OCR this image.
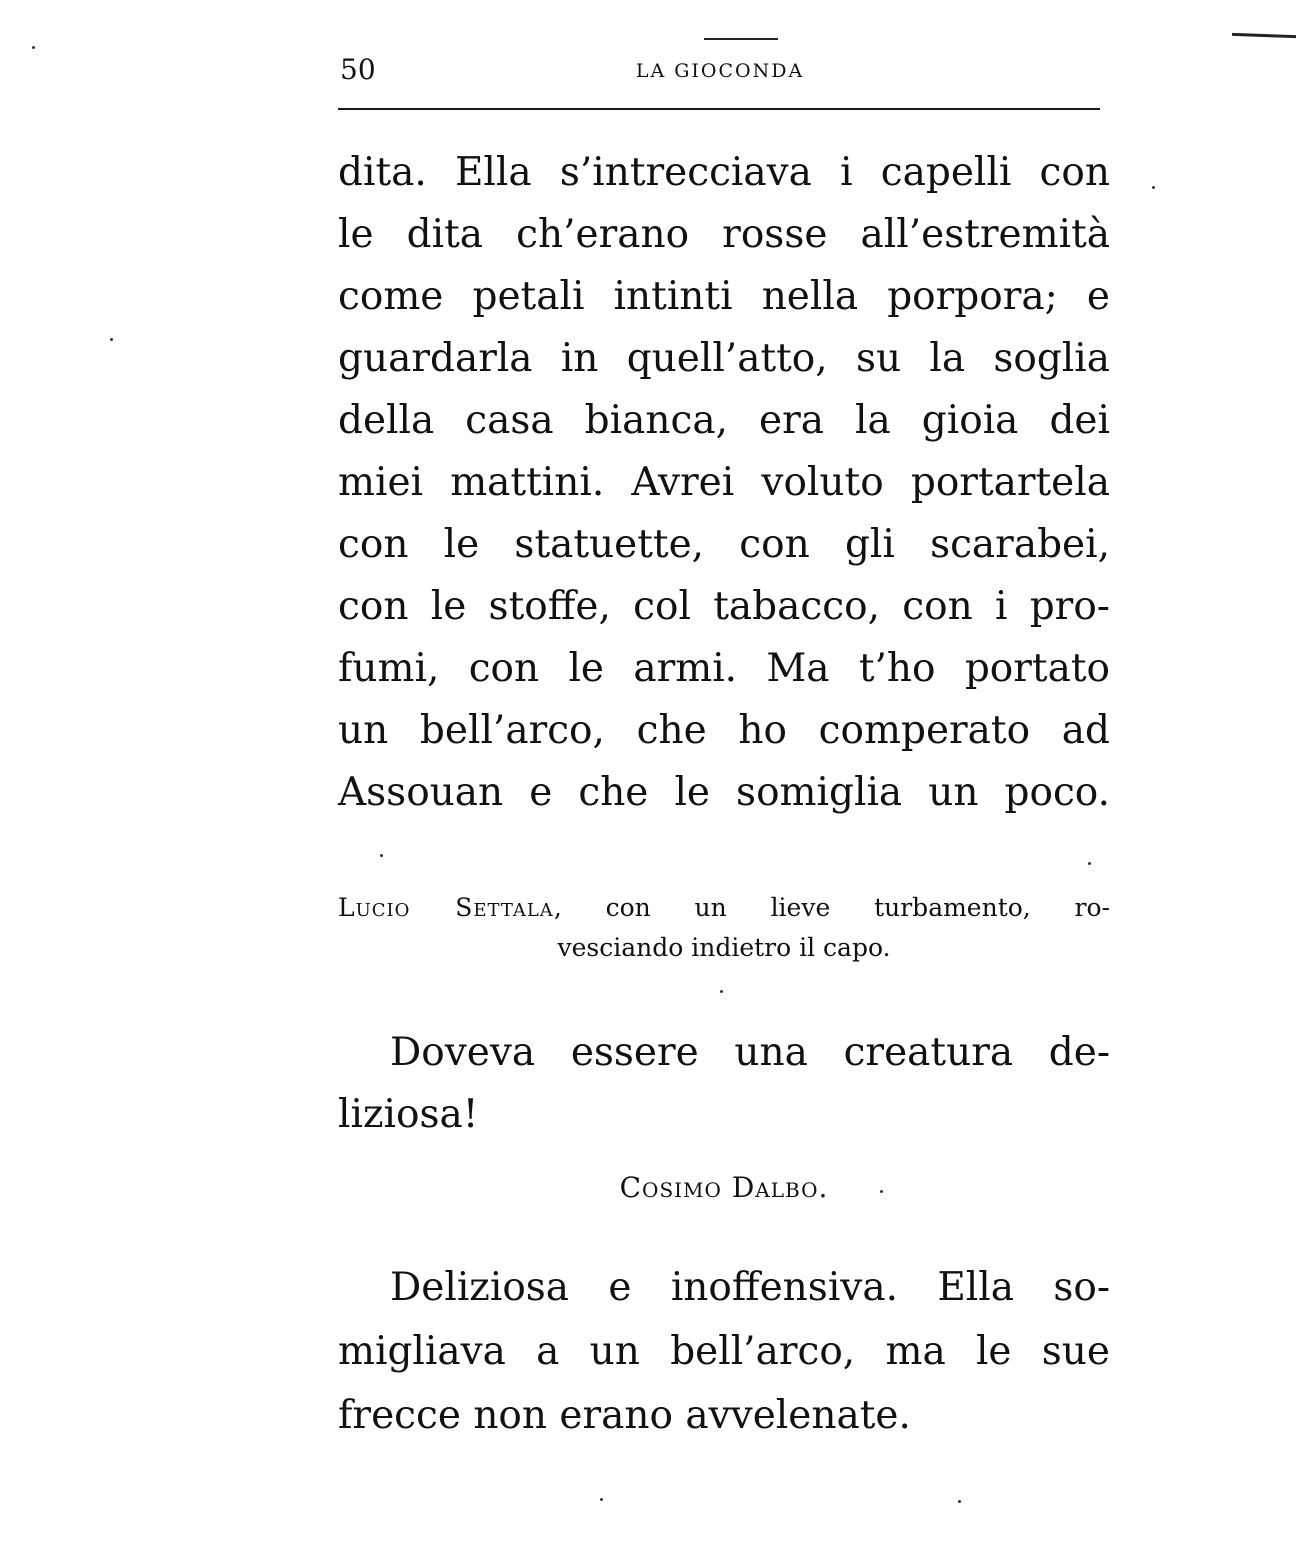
50	LA GIOCONDA
dita. Ella s’intrecciava i capelli con
le dita ch’erano rosse all’estremità
come petali intinti nella porpora; e
guardarla in quell’atto, su la soglia
della casa bianca, era la gioia dei
miei mattini. Avrei voluto portartela
con le statuette, con gli scarabei,
con le stoffe, col tabacco, con i pro-
fumi, con le armi. Ma t’ho portato
un bell’arco, che ho comperato ad
Assouan e che le somiglia un poco.
Lucio Settala, con un lieve turbamento, ro-
vesciando indietro il capo.
Doveva essere una creatura de-
liziosa!
Cosimo Dalbo.
Deliziosa e inoffensiva. Ella so-
migliava a un bell’arco, ma le sue
frecce non erano avvelenate.
